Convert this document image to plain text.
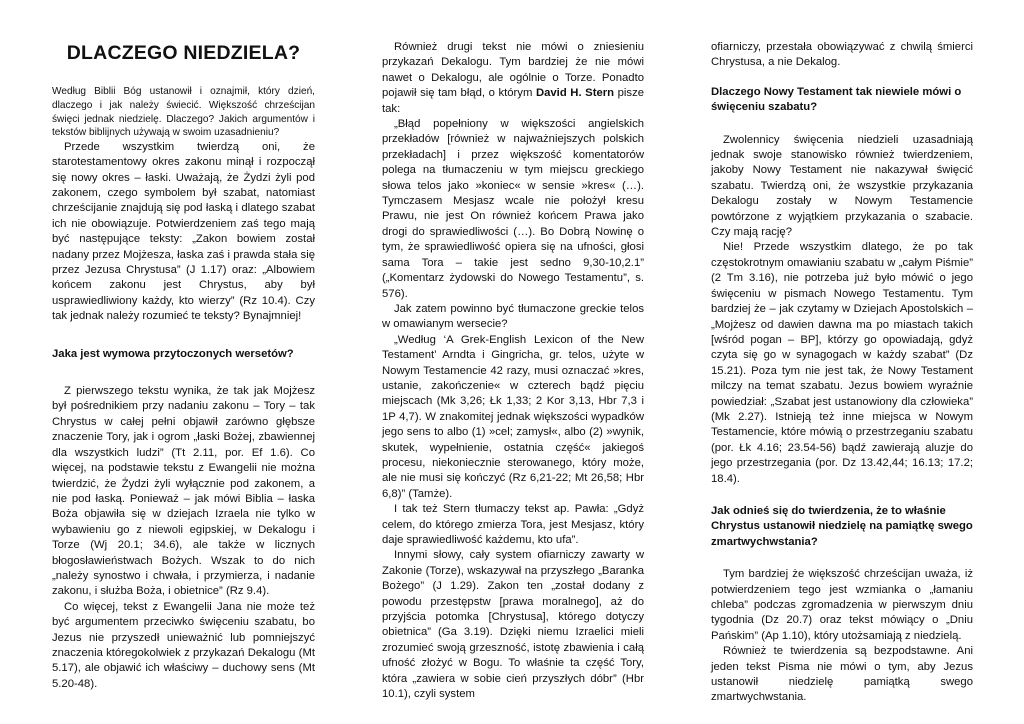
DLACZEGO NIEDZIELA?

Według Biblii Bóg ustanowił i oznajmił, który dzień, dlaczego i jak należy świecić. Większość chrześcijan święci jednak niedzielę. Dlaczego? Jakich argumentów i tekstów biblijnych używają w swoim uzasadnieniu?

Przede wszystkim twierdzą oni, że starotestamentowy okres zakonu minął i rozpoczął się nowy okres – łaski. Uważają, że Żydzi żyli pod zakonem, czego symbolem był szabat, natomiast chrześcijanie znajdują się pod łaską i dlatego szabat ich nie obowiązuje. Potwierdzeniem zaś tego mają być następujące teksty: „Zakon bowiem został nadany przez Mojżesza, łaska zaś i prawda stała się przez Jezusa Chrystusa” (J 1.17) oraz: „Albowiem końcem zakonu jest Chrystus, aby był usprawiedliwiony każdy, kto wierzy” (Rz 10.4). Czy tak jednak należy rozumieć te teksty? Bynajmniej!

Jaka jest wymowa przytoczonych wersetów?

Z pierwszego tekstu wynika, że tak jak Mojżesz był pośrednikiem przy nadaniu zakonu – Tory – tak Chrystus w całej pełni objawił zarówno głębsze znaczenie Tory, jak i ogrom „łaski Bożej, zbawiennej dla wszystkich ludzi” (Tt 2.11, por. Ef 1.6). Co więcej, na podstawie tekstu z Ewangelii nie można twierdzić, że Żydzi żyli wyłącznie pod zakonem, a nie pod łaską. Ponieważ – jak mówi Biblia – łaska Boża objawiła się w dziejach Izraela nie tylko w wybawieniu go z niewoli egipskiej, w Dekalogu i Torze (Wj 20.1; 34.6), ale także w licznych błogosławieństwach Bożych. Wszak to do nich „należy synostwo i chwała, i przymierza, i nadanie zakonu, i służba Boża, i obietnice” (Rz 9.4).

Co więcej, tekst z Ewangelii Jana nie może też być argumentem przeciwko święceniu szabatu, bo Jezus nie przyszedł unieważnić lub pomniejszyć znaczenia któregokolwiek z przykazań Dekalogu (Mt 5.17), ale objawić ich właściwy – duchowy sens (Mt 5.20-48).

Również drugi tekst nie mówi o zniesieniu przykazań Dekalogu. Tym bardziej że nie mówi nawet o Dekalogu, ale ogólnie o Torze. Ponadto pojawił się tam błąd, o którym David H. Stern pisze tak:

„Błąd popełniony w większości angielskich przekładów [również w najważniejszych polskich przekładach] i przez większość komentatorów polega na tłumaczeniu w tym miejscu greckiego słowa telos jako »koniec« w sensie »kres« (…). Tymczasem Mesjasz wcale nie położył kresu Prawu, nie jest On również końcem Prawa jako drogi do sprawiedliwości (…). Bo Dobrą Nowinę o tym, że sprawiedliwość opiera się na ufności, głosi sama Tora – takie jest sedno 9,30-10,2.1” („Komentarz żydowski do Nowego Testamentu”, s. 576).

Jak zatem powinno być tłumaczone greckie telos w omawianym wersecie?

„Według ‘A Grek-English Lexicon of the New Testament’ Arndta i Gingricha, gr. telos, użyte w Nowym Testamencie 42 razy, musi oznaczać »kres, ustanie, zakończenie« w czterech bądź pięciu miejscach (Mk 3,26; Łk 1,33; 2 Kor 3,13, Hbr 7,3 i 1P 4,7). W znakomitej jednak większości wypadków jego sens to albo (1) »cel; zamysł«, albo (2) »wynik, skutek, wypełnienie, ostatnia część« jakiegoś procesu, niekoniecznie sterowanego, który może, ale nie musi się kończyć (Rz 6,21-22; Mt 26,58; Hbr 6,8)” (Tamże).

I tak też Stern tłumaczy tekst ap. Pawła: „Gdyż celem, do którego zmierza Tora, jest Mesjasz, który daje sprawiedliwość każdemu, kto ufa”.

Innymi słowy, cały system ofiarniczy zawarty w Zakonie (Torze), wskazywał na przyszłego „Baranka Bożego” (J 1.29). Zakon ten „został dodany z powodu przestępstw [prawa moralnego], aż do przyjścia potomka [Chrystusa], którego dotyczy obietnica” (Ga 3.19). Dzięki niemu Izraelici mieli zrozumieć swoją grzeszność, istotę zbawienia i całą ufność złożyć w Bogu. To właśnie ta część Tory, która „zawiera w sobie cień przyszłych dóbr” (Hbr 10.1), czyli system

ofiarniczy, przestała obowiązywać z chwilą śmierci Chrystusa, a nie Dekalog.

Dlaczego Nowy Testament tak niewiele mówi o święceniu szabatu?

Zwolennicy święcenia niedzieli uzasadniają jednak swoje stanowisko również twierdzeniem, jakoby Nowy Testament nie nakazywał święcić szabatu. Twierdzą oni, że wszystkie przykazania Dekalogu zostały w Nowym Testamencie powtórzone z wyjątkiem przykazania o szabacie. Czy mają rację?

Nie! Przede wszystkim dlatego, że po tak częstokrotnym omawianiu szabatu w „całym Piśmie” (2 Tm 3.16), nie potrzeba już było mówić o jego święceniu w pismach Nowego Testamentu. Tym bardziej że – jak czytamy w Dziejach Apostolskich – „Mojżesz od dawien dawna ma po miastach takich [wśród pogan – BP], którzy go opowiadają, gdyż czyta się go w synagogach w każdy szabat” (Dz 15.21). Poza tym nie jest tak, że Nowy Testament milczy na temat szabatu. Jezus bowiem wyraźnie powiedział: „Szabat jest ustanowiony dla człowieka” (Mk 2.27). Istnieją też inne miejsca w Nowym Testamencie, które mówią o przestrzeganiu szabatu (por. Łk 4.16; 23.54-56) bądź zawierają aluzje do jego przestrzegania (por. Dz 13.42,44; 16.13; 17.2; 18.4).

Jak odnieś się do twierdzenia, że to właśnie Chrystus ustanowił niedzielę na pamiątkę swego zmartwychwstania?

Tym bardziej że większość chrześcijan uważa, iż potwierdzeniem tego jest wzmianka o „łamaniu chleba” podczas zgromadzenia w pierwszym dniu tygodnia (Dz 20.7) oraz tekst mówiący o „Dniu Pańskim” (Ap 1.10), który utożsamiają z niedzielą.

Również te twierdzenia są bezpodstawne. Ani jeden tekst Pisma nie mówi o tym, aby Jezus ustanowił niedzielę pamiątką swego zmartwychwstania.
